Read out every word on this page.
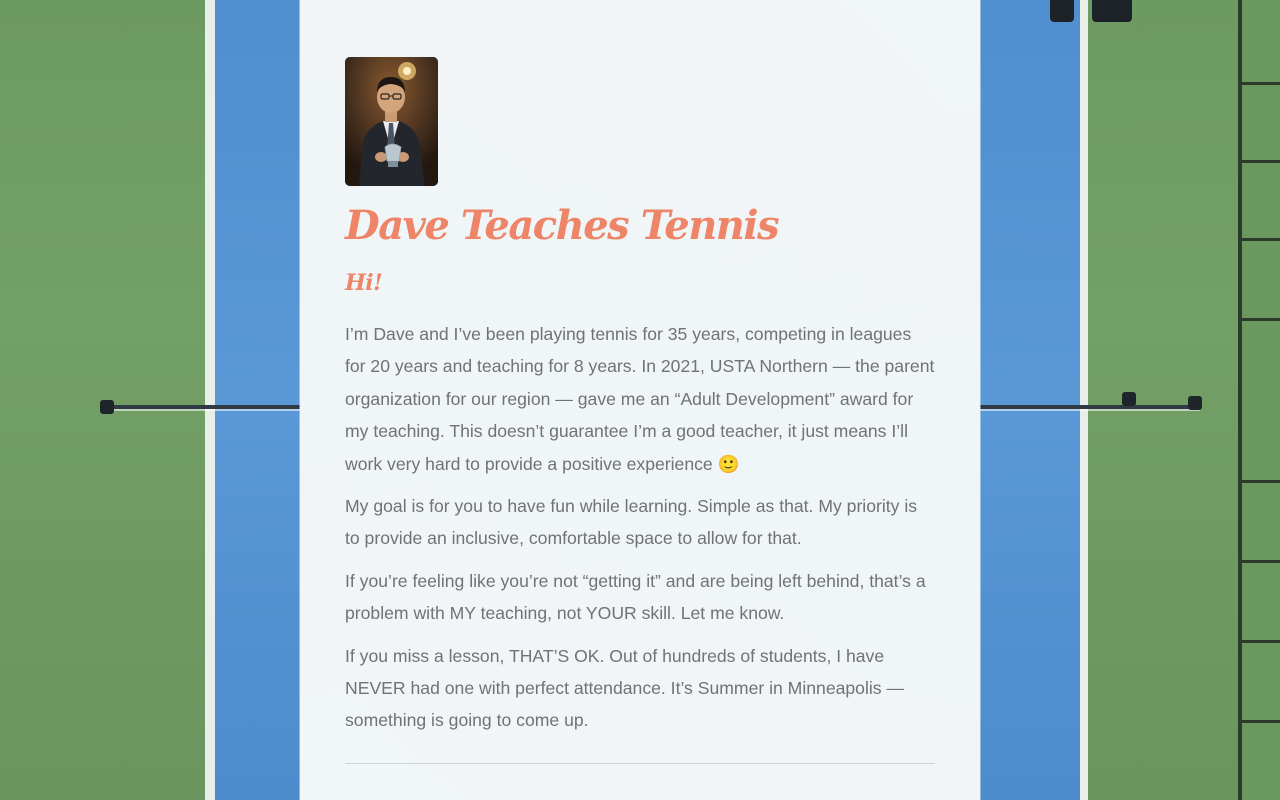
Dave Teaches Tennis
Hi!

I’m Dave and I’ve been playing tennis for 35 years, competing in leagues for 20 years and teaching for 8 years. In 2021, USTA Northern — the parent organization for our region — gave me an “Adult Development” award for my teaching. This doesn’t guarantee I’m a good teacher, it just means I’ll work very hard to provide a positive experience 🙂

My goal is for you to have fun while learning. Simple as that. My priority is to provide an inclusive, comfortable space to allow for that.

If you’re feeling like you’re not “getting it” and are being left behind, that’s a problem with MY teaching, not YOUR skill. Let me know.

If you miss a lesson, THAT’S OK. Out of hundreds of students, I have NEVER had one with perfect attendance. It’s Summer in Minneapolis — something is going to come up.
